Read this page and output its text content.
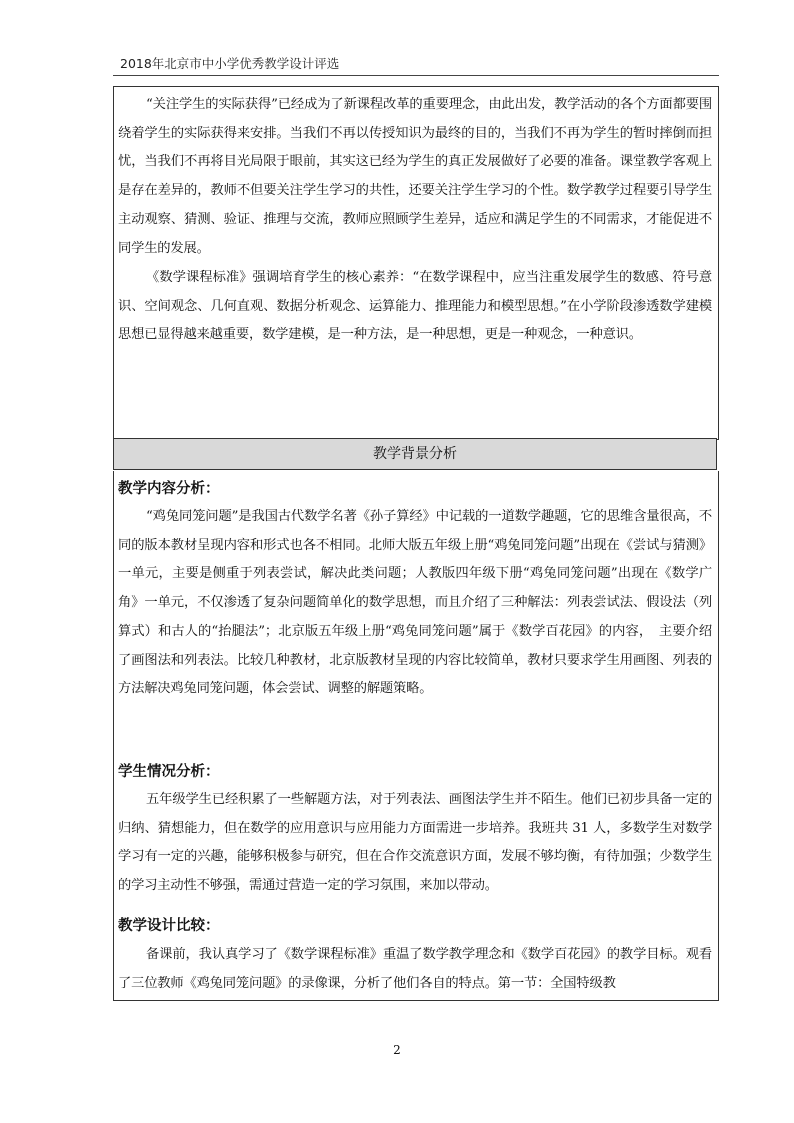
2018年北京市中小学优秀教学设计评选

“关注学生的实际获得”已经成为了新课程改革的重要理念，由此出发，教学活动的各个方面都要围绕着学生的实际获得来安排。当我们不再以传授知识为最终的目的，当我们不再为学生的暂时摔倒而担忧，当我们不再将目光局限于眼前，其实这已经为学生的真正发展做好了必要的准备。课堂教学客观上是存在差异的，教师不但要关注学生学习的共性，还要关注学生学习的个性。数学教学过程要引导学生主动观察、猜测、验证、推理与交流，教师应照顾学生差异，适应和满足学生的不同需求，才能促进不同学生的发展。

《数学课程标准》强调培育学生的核心素养：“在数学课程中，应当注重发展学生的数感、符号意识、空间观念、几何直观、数据分析观念、运算能力、推理能力和模型思想。”在小学阶段渗透数学建模思想已显得越来越重要，数学建模，是一种方法，是一种思想，更是一种观念，一种意识。

教学背景分析
教学内容分析：

“鸡兔同笼问题”是我国古代数学名著《孙子算经》中记载的一道数学趣题，它的思维含量很高，不同的版本教材呈现内容和形式也各不相同。北师大版五年级上册“鸡兔同笼问题”出现在《尝试与猜测》一单元，主要是侧重于列表尝试，解决此类问题；人教版四年级下册“鸡兔同笼问题”出现在《数学广角》一单元，不仅渗透了复杂问题简单化的数学思想，而且介绍了三种解法：列表尝试法、假设法（列算式）和古人的“抬腿法”；北京版五年级上册“鸡兔同笼问题”属于《数学百花园》的内容，　主要介绍了画图法和列表法。比较几种教材，北京版教材呈现的内容比较简单，教材只要求学生用画图、列表的方法解决鸡兔同笼问题，体会尝试、调整的解题策略。

学生情况分析：

五年级学生已经积累了一些解题方法，对于列表法、画图法学生并不陌生。他们已初步具备一定的归纳、猜想能力，但在数学的应用意识与应用能力方面需进一步培养。我班共 31 人，多数学生对数学学习有一定的兴趣，能够积极参与研究，但在合作交流意识方面，发展不够均衡，有待加强；少数学生的学习主动性不够强，需通过营造一定的学习氛围，来加以带动。

教学设计比较：

备课前，我认真学习了《数学课程标准》重温了数学教学理念和《数学百花园》的教学目标。观看了三位教师《鸡兔同笼问题》的录像课，分析了他们各自的特点。第一节：全国特级教

2
